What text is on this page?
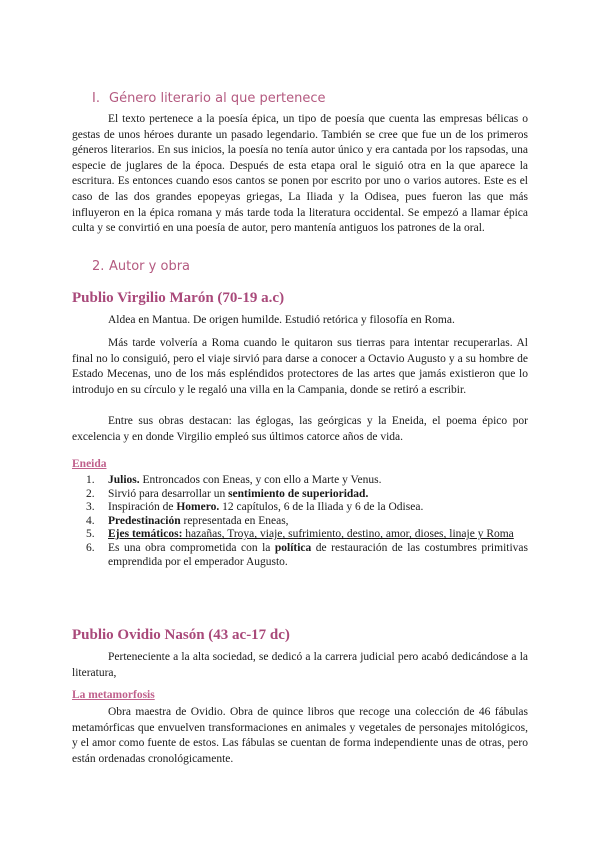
I. Género literario al que pertenece

El texto pertenece a la poesía épica, un tipo de poesía que cuenta las empresas bélicas o gestas de unos héroes durante un pasado legendario. También se cree que fue un de los primeros géneros literarios. En sus inicios, la poesía no tenía autor único y era cantada por los rapsodas, una especie de juglares de la época. Después de esta etapa oral le siguió otra en la que aparece la escritura. Es entonces cuando esos cantos se ponen por escrito por uno o varios autores. Este es el caso de las dos grandes epopeyas griegas, La Iliada y la Odisea, pues fueron las que más influyeron en la épica romana y más tarde toda la literatura occidental. Se empezó a llamar épica culta y se convirtió en una poesía de autor, pero mantenía antiguos los patrones de la oral.

2. Autor y obra
Publio Virgilio Marón (70-19 a.c)

Aldea en Mantua. De origen humilde. Estudió retórica y filosofía en Roma.

Más tarde volvería a Roma cuando le quitaron sus tierras para intentar recuperarlas. Al final no lo consiguió, pero el viaje sirvió para darse a conocer a Octavio Augusto y a su hombre de Estado Mecenas, uno de los más espléndidos protectores de las artes que jamás existieron que lo introdujo en su círculo y le regaló una villa en la Campania, donde se retiró a escribir.

Entre sus obras destacan: las églogas, las geórgicas y la Eneida, el poema épico por excelencia y en donde Virgilio empleó sus últimos catorce años de vida.

Eneida
1. Julios. Entroncados con Eneas, y con ello a Marte y Venus.
2. Sirvió para desarrollar un sentimiento de superioridad.
3. Inspiración de Homero. 12 capítulos, 6 de la Iliada y 6 de la Odisea.
4. Predestinación representada en Eneas,
5. Ejes temáticos: hazañas, Troya, viaje, sufrimiento, destino, amor, dioses, linaje y Roma
6. Es una obra comprometida con la política de restauración de las costumbres primitivas emprendida por el emperador Augusto.
Publio Ovidio Nasón (43 ac-17 dc)

Perteneciente a la alta sociedad, se dedicó a la carrera judicial pero acabó dedicándose a la literatura,

La metamorfosis

Obra maestra de Ovidio. Obra de quince libros que recoge una colección de 46 fábulas metamórficas que envuelven transformaciones en animales y vegetales de personajes mitológicos, y el amor como fuente de estos. Las fábulas se cuentan de forma independiente unas de otras, pero están ordenadas cronológicamente.
